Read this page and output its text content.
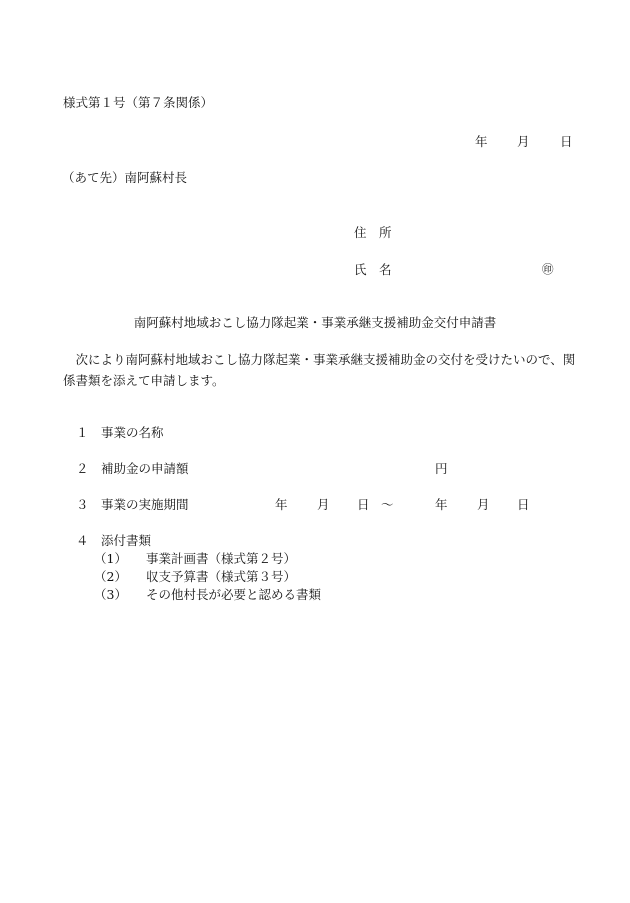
様式第１号（第７条関係）
年 月 日
（あて先）南阿蘇村長
住　所
氏　名	㊞
南阿蘇村地域おこし協力隊起業・事業承継支援補助金交付申請書
次により南阿蘇村地域おこし協力隊起業・事業承継支援補助金の交付を受けたいので、関係書類を添えて申請します。
１ 事業の名称
２ 補助金の申請額	円
３ 事業の実施期間	年 月 日 ～	年 月 日
４ 添付書類
（1） 事業計画書（様式第２号）
（2） 収支予算書（様式第３号）
（3） その他村長が必要と認める書類
